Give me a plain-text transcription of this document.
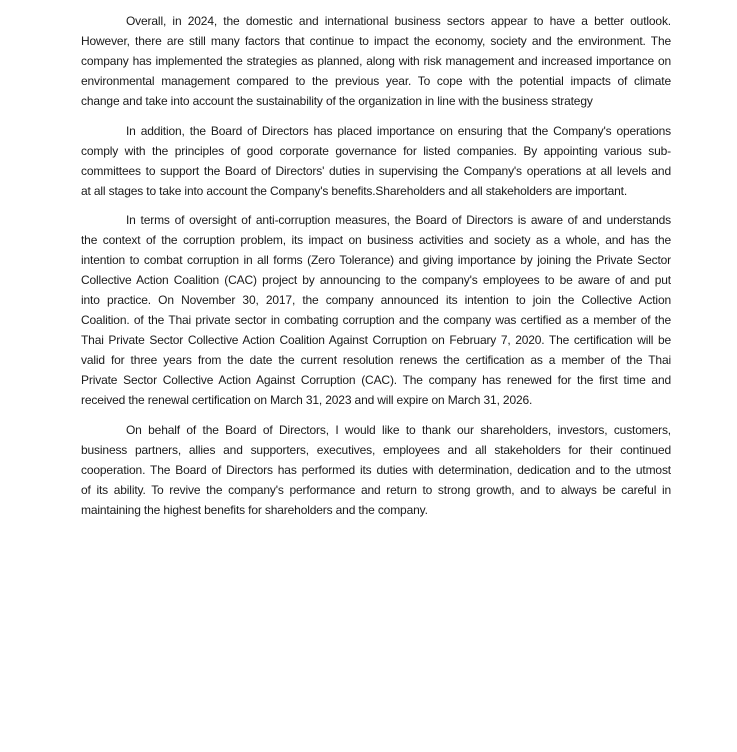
Overall, in 2024, the domestic and international business sectors appear to have a better outlook.
However, there are still many factors that continue to impact the economy, society and the environment. The
company has implemented the strategies as planned, along with risk management and increased importance on
environmental management compared to the previous year. To cope with the potential impacts of climate
change and take into account the sustainability of the organization in line with the business strategy
In addition, the Board of Directors has placed importance on ensuring that the Company's operations
comply with the principles of good corporate governance for listed companies. By appointing various sub-
committees to support the Board of Directors' duties in supervising the Company's operations at all levels and
at all stages to take into account the Company's benefits.Shareholders and all stakeholders are important.
In terms of oversight of anti-corruption measures, the Board of Directors is aware of and understands
the context of the corruption problem, its impact on business activities and society as a whole, and has the
intention to combat corruption in all forms (Zero Tolerance) and giving importance by joining the Private Sector
Collective Action Coalition (CAC) project by announcing to the company's employees to be aware of and put
into practice. On November 30, 2017, the company announced its intention to join the Collective Action
Coalition. of the Thai private sector in combating corruption and the company was certified as a member of the
Thai Private Sector Collective Action Coalition Against Corruption on February 7, 2020. The certification will be
valid for three years from the date the current resolution renews the certification as a member of the Thai
Private Sector Collective Action Against Corruption (CAC). The company has renewed for the first time and
received the renewal certification on March 31, 2023 and will expire on March 31, 2026.
On behalf of the Board of Directors, I would like to thank our shareholders, investors, customers,
business partners, allies and supporters, executives, employees and all stakeholders for their continued
cooperation. The Board of Directors has performed its duties with determination, dedication and to the utmost
of its ability. To revive the company's performance and return to strong growth, and to always be careful in
maintaining the highest benefits for shareholders and the company.
